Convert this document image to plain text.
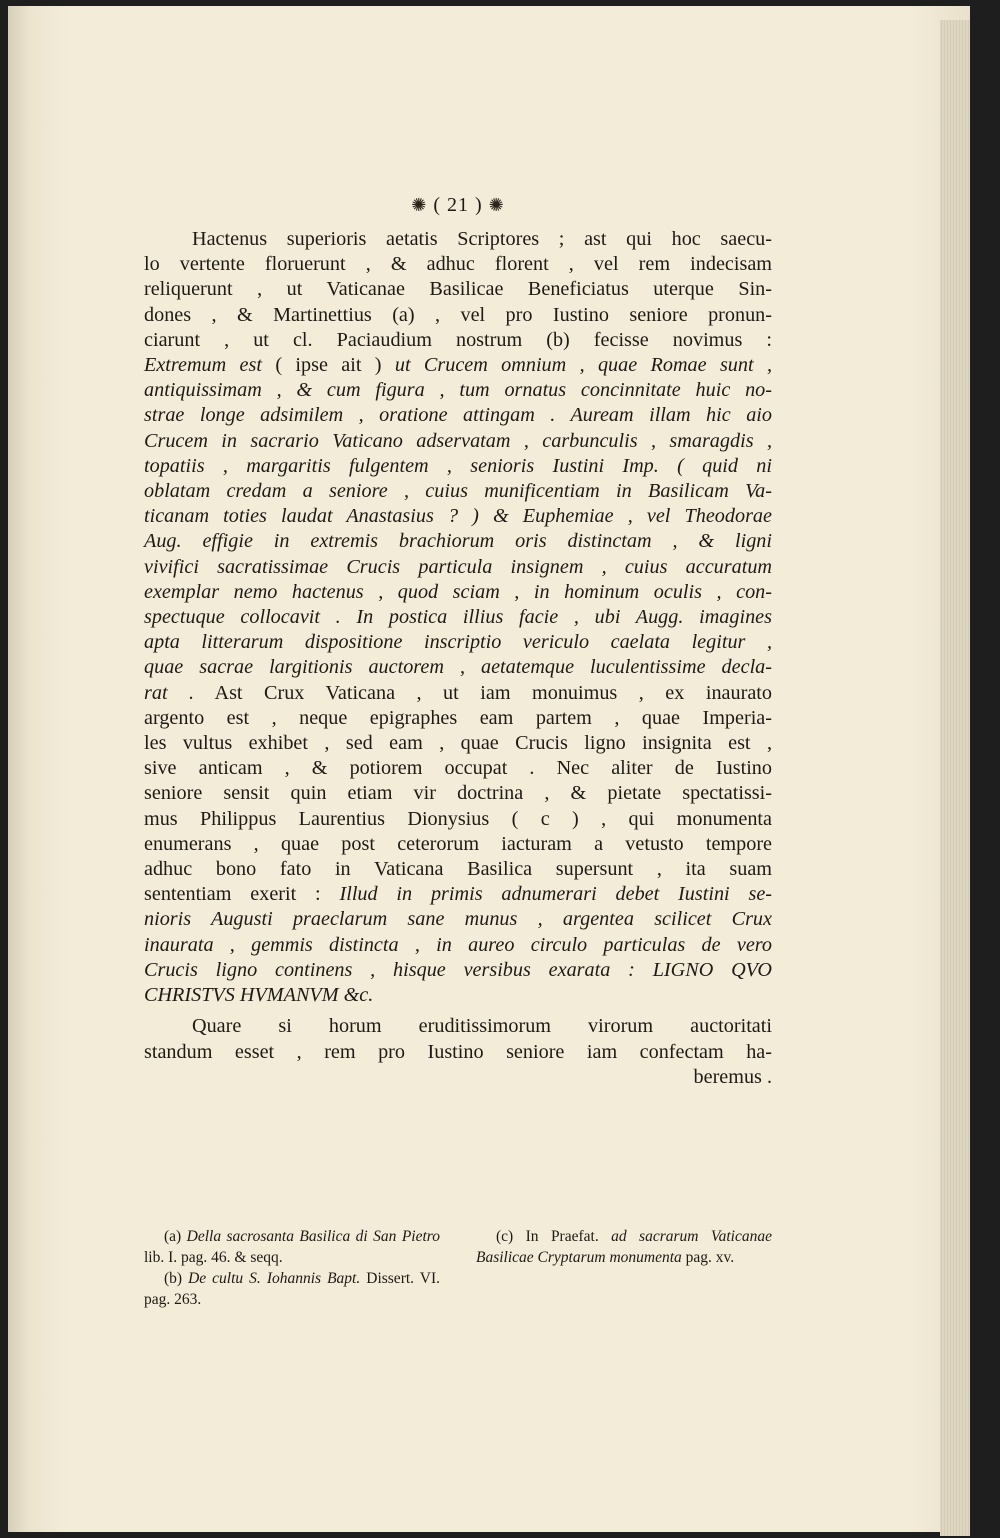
✺ ( 21 ) ✺
Hactenus superioris aetatis Scriptores ; ast qui hoc saecu-
lo vertente floruerunt , & adhuc florent , vel rem indecisam
reliquerunt , ut Vaticanae Basilicae Beneficiatus uterque Sin-
dones , & Martinettius (a) , vel pro Iustino seniore pronun-
ciarunt , ut cl. Paciaudium nostrum (b) fecisse novimus :
Extremum est ( ipse ait ) ut Crucem omnium , quae Romae sunt ,
antiquissimam , & cum figura , tum ornatus concinnitate huic no-
strae longe adsimilem , oratione attingam . Auream illam hic aio
Crucem in sacrario Vaticano adservatam , carbunculis , smaragdis ,
topatiis , margaritis fulgentem , senioris Iustini Imp. ( quid ni
oblatam credam a seniore , cuius munificentiam in Basilicam Va-
ticanam toties laudat Anastasius ? ) & Euphemiae , vel Theodorae
Aug. effigie in extremis brachiorum oris distinctam , & ligni
vivifici sacratissimae Crucis particula insignem , cuius accuratum
exemplar nemo hactenus , quod sciam , in hominum oculis , con-
spectuque collocavit . In postica illius facie , ubi Augg. imagines
apta litterarum dispositione inscriptio vericulo caelata legitur ,
quae sacrae largitionis auctorem , aetatemque luculentissime decla-
rat . Ast Crux Vaticana , ut iam monuimus , ex inaurato
argento est , neque epigraphes eam partem , quae Imperia-
les vultus exhibet , sed eam , quae Crucis ligno insignita est ,
sive anticam , & potiorem occupat . Nec aliter de Iustino
seniore sensit quin etiam vir doctrina , & pietate spectatissi-
mus Philippus Laurentius Dionysius ( c ) , qui monumenta
enumerans , quae post ceterorum iacturam a vetusto tempore
adhuc bono fato in Vaticana Basilica supersunt , ita suam
sententiam exerit : Illud in primis adnumerari debet Iustini se-
nioris Augusti praeclarum sane munus , argentea scilicet Crux
inaurata , gemmis distincta , in aureo circulo particulas de vero
Crucis ligno continens , hisque versibus exarata : LIGNO QVO
CHRISTVS HVMANVM &c.
Quare si horum eruditissimorum virorum auctoritati
standum esset , rem pro Iustino seniore iam confectam ha-
beremus .

(a) Della sacrosanta Basilica di San Pietro lib. I. pag. 46. & seqq.

(b) De cultu S. Iohannis Bapt. Dissert. VI. pag. 263.

(c) In Praefat. ad sacrarum Vaticanae Basilicae Cryptarum monumenta pag. xv.
